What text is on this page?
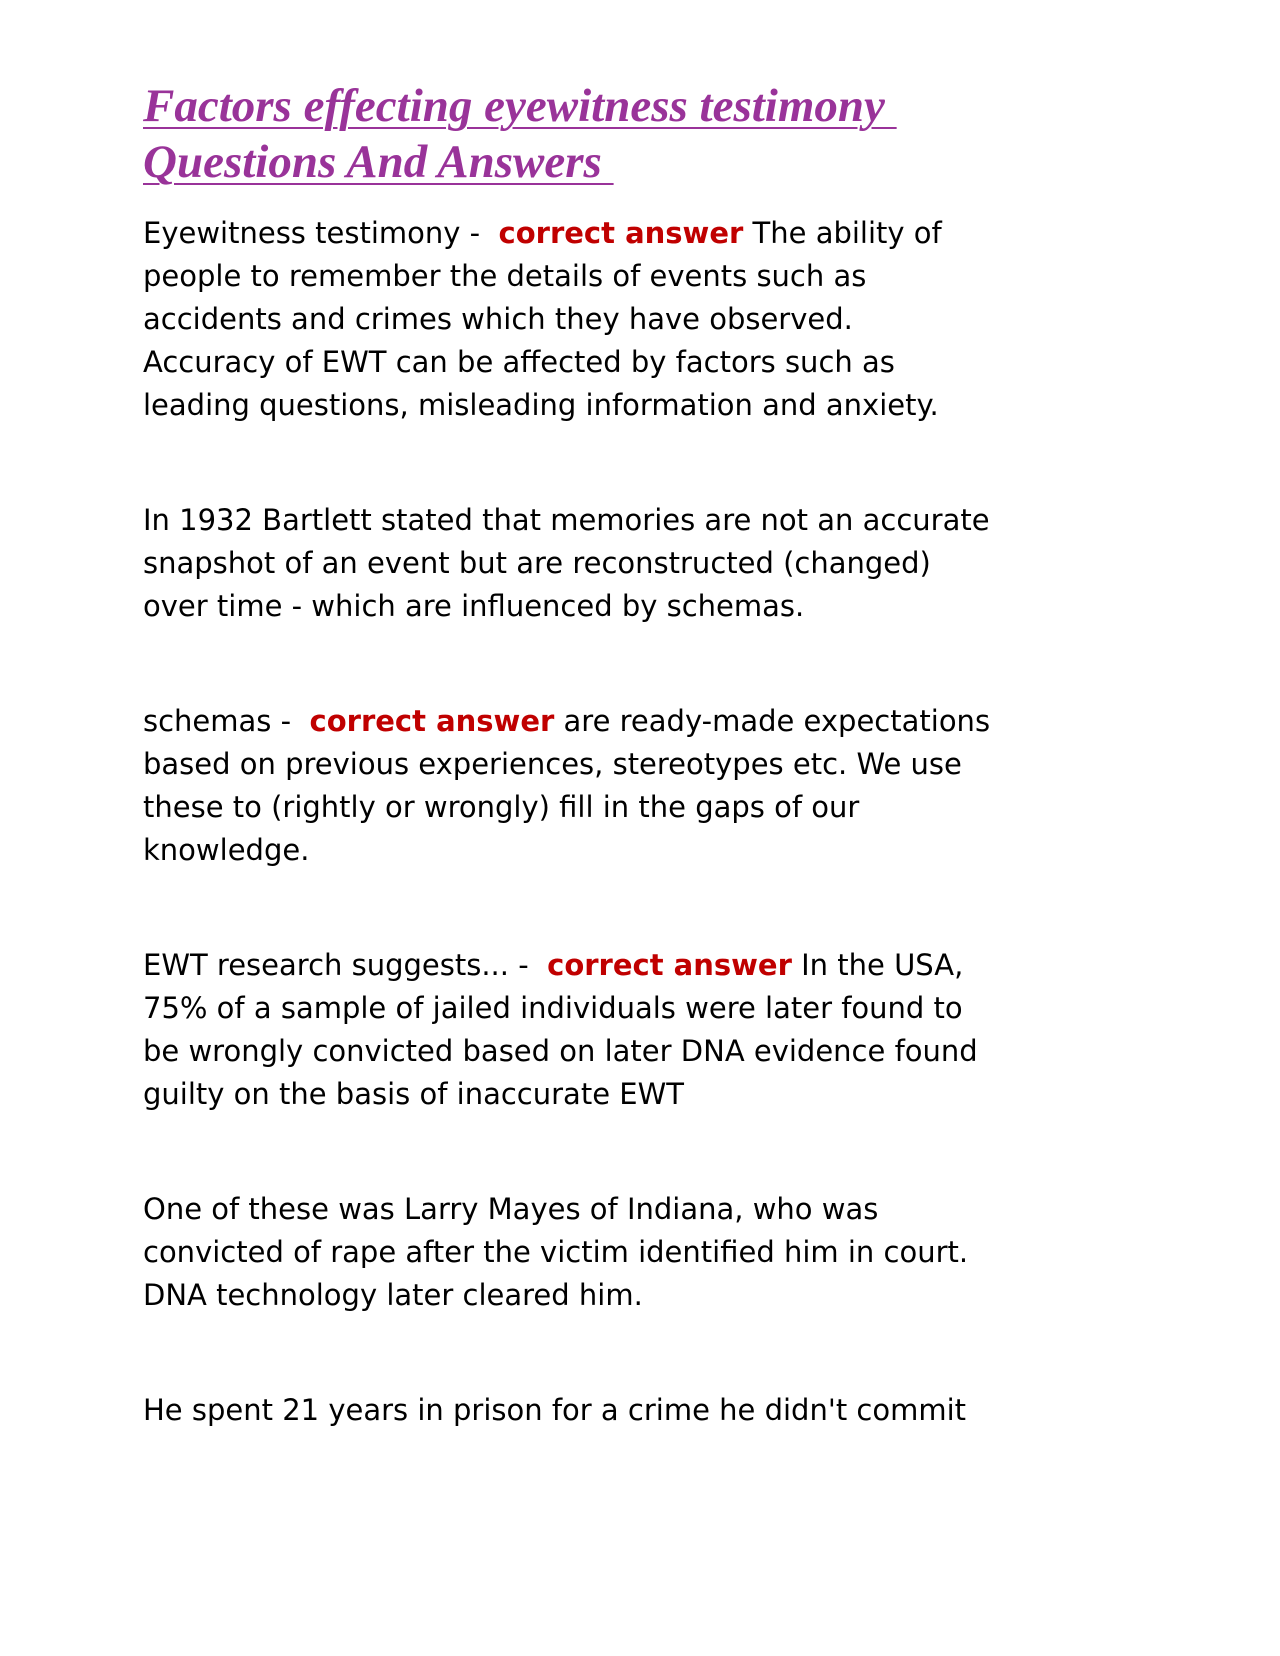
Factors effecting eyewitness testimony
Questions And Answers
Eyewitness testimony -  correct answer The ability of
people to remember the details of events such as
accidents and crimes which they have observed.
Accuracy of EWT can be affected by factors such as
leading questions, misleading information and anxiety.
In 1932 Bartlett stated that memories are not an accurate
snapshot of an event but are reconstructed (changed)
over time - which are influenced by schemas.
schemas -  correct answer are ready-made expectations
based on previous experiences, stereotypes etc. We use
these to (rightly or wrongly) fill in the gaps of our
knowledge.
EWT research suggests... -  correct answer In the USA,
75% of a sample of jailed individuals were later found to
be wrongly convicted based on later DNA evidence found
guilty on the basis of inaccurate EWT
One of these was Larry Mayes of Indiana, who was
convicted of rape after the victim identified him in court.
DNA technology later cleared him.
He spent 21 years in prison for a crime he didn't commit
